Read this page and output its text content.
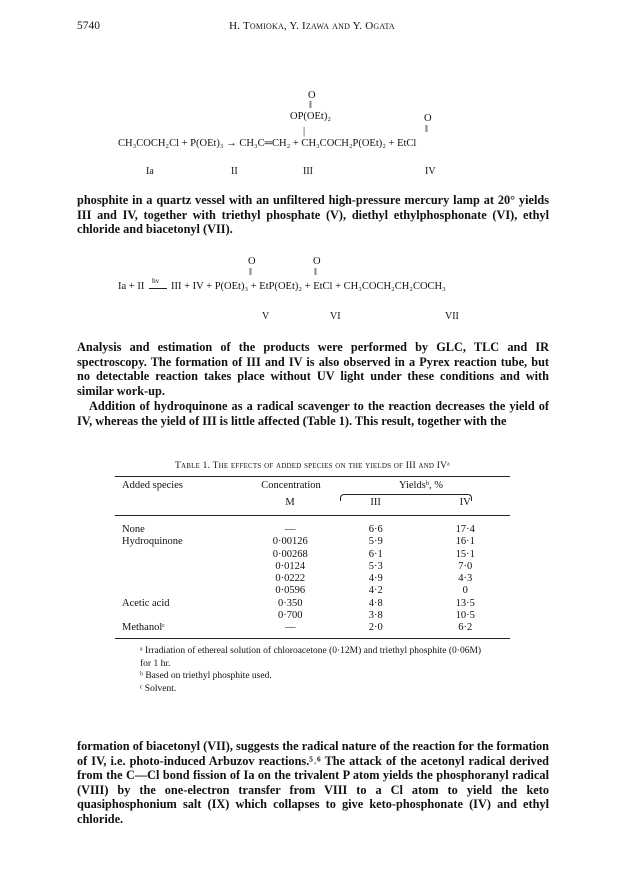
5740	H. Tomioka, Y. Izawa and Y. Ogata
O
‖
OP(OEt)₂	O
‖
|
CH₃COCH₂Cl + P(OEt)₃ → CH₃C═CH₂ + CH₃COCH₂P(OEt)₂ + EtCl
Ia	II	III	IV

phosphite in a quartz vessel with an unfiltered high-pressure mercury lamp at 20° yields III and IV, together with triethyl phosphate (V), diethyl ethylphosphonate (VI), ethyl chloride and biacetonyl (VII).

O	O
‖	‖
Ia + II
hν
III + IV + P(OEt)₃ + EtP(OEt)₂ + EtCl + CH₃COCH₂CH₂COCH₃
V	VI	VII

Analysis and estimation of the products were performed by GLC, TLC and IR spectroscopy. The formation of III and IV is also observed in a Pyrex reaction tube, but no detectable reaction takes place without UV light under these conditions and with similar work-up.

Addition of hydroquinone as a radical scavenger to the reaction decreases the yield of IV, whereas the yield of III is little affected (Table 1). This result, together with the

Table 1. The effects of added species on the yields of III and IVᵃ
Added species	Concentration	Yieldsᵇ, %
	M	III	IV
None	—	6·6	17·4
Hydroquinone	0·00126	5·9	16·1
	0·00268	6·1	15·1
	0·0124	5·3	7·0
	0·0222	4·9	4·3
	0·0596	4·2	0
Acetic acid	0·350	4·8	13·5
	0·700	3·8	10·5
Methanolᶜ	—	2·0	6·2
ᵃ Irradiation of ethereal solution of chloroacetone (0·12M) and triethyl phosphite (0·06M) for 1 hr.
ᵇ Based on triethyl phosphite used.
ᶜ Solvent.

formation of biacetonyl (VII), suggests the radical nature of the reaction for the formation of IV, i.e. photo-induced Arbuzov reactions.⁵˒⁶ The attack of the acetonyl radical derived from the C—Cl bond fission of Ia on the trivalent P atom yields the phosphoranyl radical (VIII) by the one-electron transfer from VIII to a Cl atom to yield the keto quasiphosphonium salt (IX) which collapses to give keto-phosphonate (IV) and ethyl chloride.
